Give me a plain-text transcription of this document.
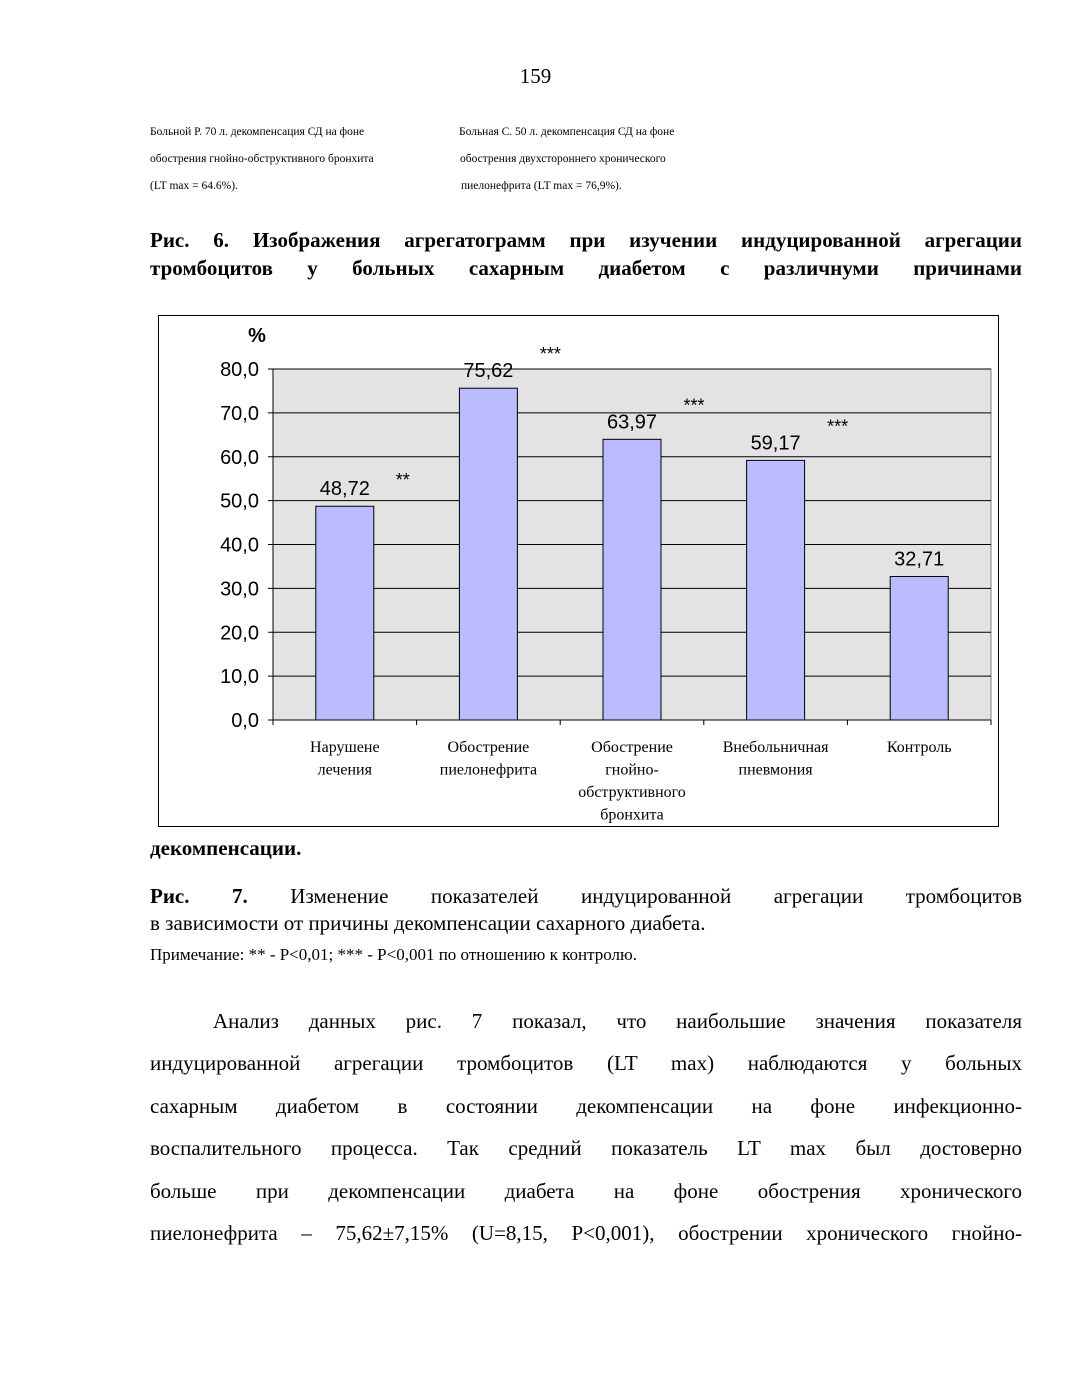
159
Больной Р. 70 л. декомпенсация СД на фоне
обострения гнойно-обструктивного бронхита
(LT max = 64.6%).
Больная С. 50 л. декомпенсация СД на фоне
обострения двухстороннего хронического
пиелонефрита (LT max = 76,9%).
Рис. 6. Изображения агрегатограмм при изучении индуцированной агрегации
тромбоцитов у больных сахарным диабетом с различнуми причинами
0,0
10,0
20,0
30,0
40,0
50,0
60,0
70,0
80,0
%
48,72 **
Нарушене
лечения
75,62
***
Обострение
пиелонефрита
63,97
***
Обострение
гнойно-
обструктивного
бронхита
59,17
***
Внебольничная
пневмония
32,71
Контроль
декомпенсации.
Рис. 7. Изменение показателей индуцированной агрегации тромбоцитов
в зависимости от причины декомпенсации сахарного диабета.
Примечание: ** - P<0,01; *** - P<0,001 по отношению к контролю.
Анализ данных рис. 7 показал, что наибольшие значения показателя
индуцированной агрегации тромбоцитов (LT max) наблюдаются у больных
сахарным диабетом в состоянии декомпенсации на фоне инфекционно-
воспалительного процесса. Так средний показатель LT max был достоверно
больше при декомпенсации диабета на фоне обострения хронического
пиелонефрита – 75,62±7,15% (U=8,15, P<0,001), обострении хронического гнойно-
